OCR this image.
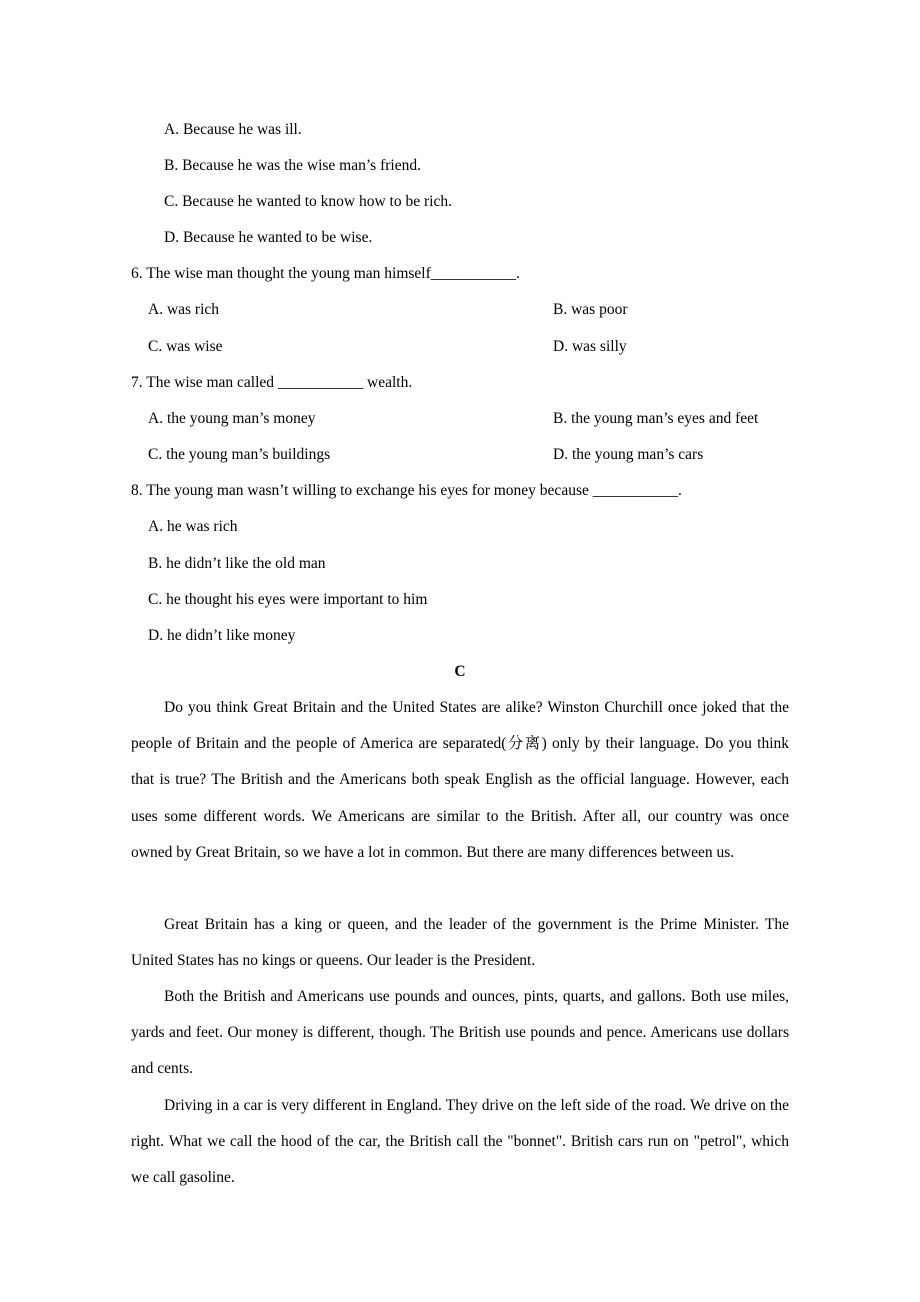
A. Because he was ill.
B. Because he was the wise man’s friend.
C. Because he wanted to know how to be rich.
D. Because he wanted to be wise.
6. The wise man thought the young man himself___________.
A. was rich	B. was poor
C. was wise	D. was silly
7. The wise man called ___________ wealth.
A. the young man’s money	B. the young man’s eyes and feet
C. the young man’s buildings	D. the young man’s cars
8. The young man wasn’t willing to exchange his eyes for money because ___________.
A. he was rich
B. he didn’t like the old man
C. he thought his eyes were important to him
D. he didn’t like money
C

Do you think Great Britain and the United States are alike? Winston Churchill once joked that the people of Britain and the people of America are separated(分离) only by their language. Do you think that is true? The British and the Americans both speak English as the official language. However, each uses some different words. We Americans are similar to the British. After all, our country was once owned by Great Britain, so we have a lot in common. But there are many differences between us.

Great Britain has a king or queen, and the leader of the government is the Prime Minister. The United States has no kings or queens. Our leader is the President.

Both the British and Americans use pounds and ounces, pints, quarts, and gallons. Both use miles, yards and feet. Our money is different, though. The British use pounds and pence. Americans use dollars and cents.

Driving in a car is very different in England. They drive on the left side of the road. We drive on the right. What we call the hood of the car, the British call the "bonnet". British cars run on "petrol", which we call gasoline.
